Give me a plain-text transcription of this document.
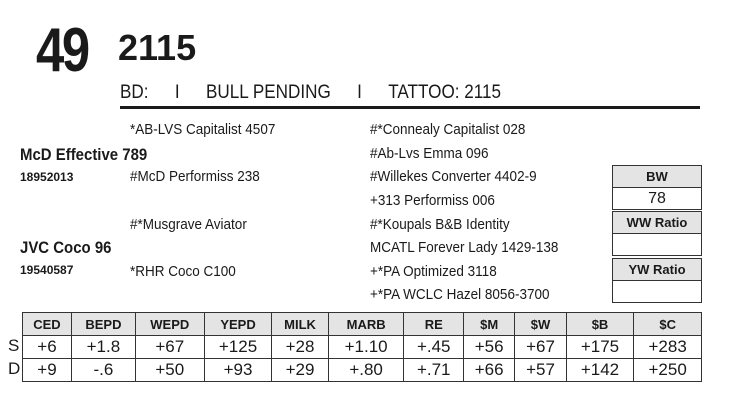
49 2115
BD: I BULL PENDING I TATTOO: 2115
McD Effective 789
18952013
JVC Coco 96
19540587
*AB-LVS Capitalist 4507
#McD Performiss 238
#*Musgrave Aviator
*RHR Coco C100
#*Connealy Capitalist 028
#Ab-Lvs Emma 096
#Willekes Converter 4402-9
+313 Performiss 006
#*Koupals B&B Identity
MCATL Forever Lady 1429-138
+*PA Optimized 3118
+*PA WCLC Hazel 8056-3700
BW
78
WW Ratio
YW Ratio
S
D
CED	BEPD	WEPD	YEPD	MILK	MARB	RE	$M	$W	$B	$C
+6	+1.8	+67	+125	+28	+1.10	+.45	+56	+67	+175	+283
+9	-.6	+50	+93	+29	+.80	+.71	+66	+57	+142	+250
